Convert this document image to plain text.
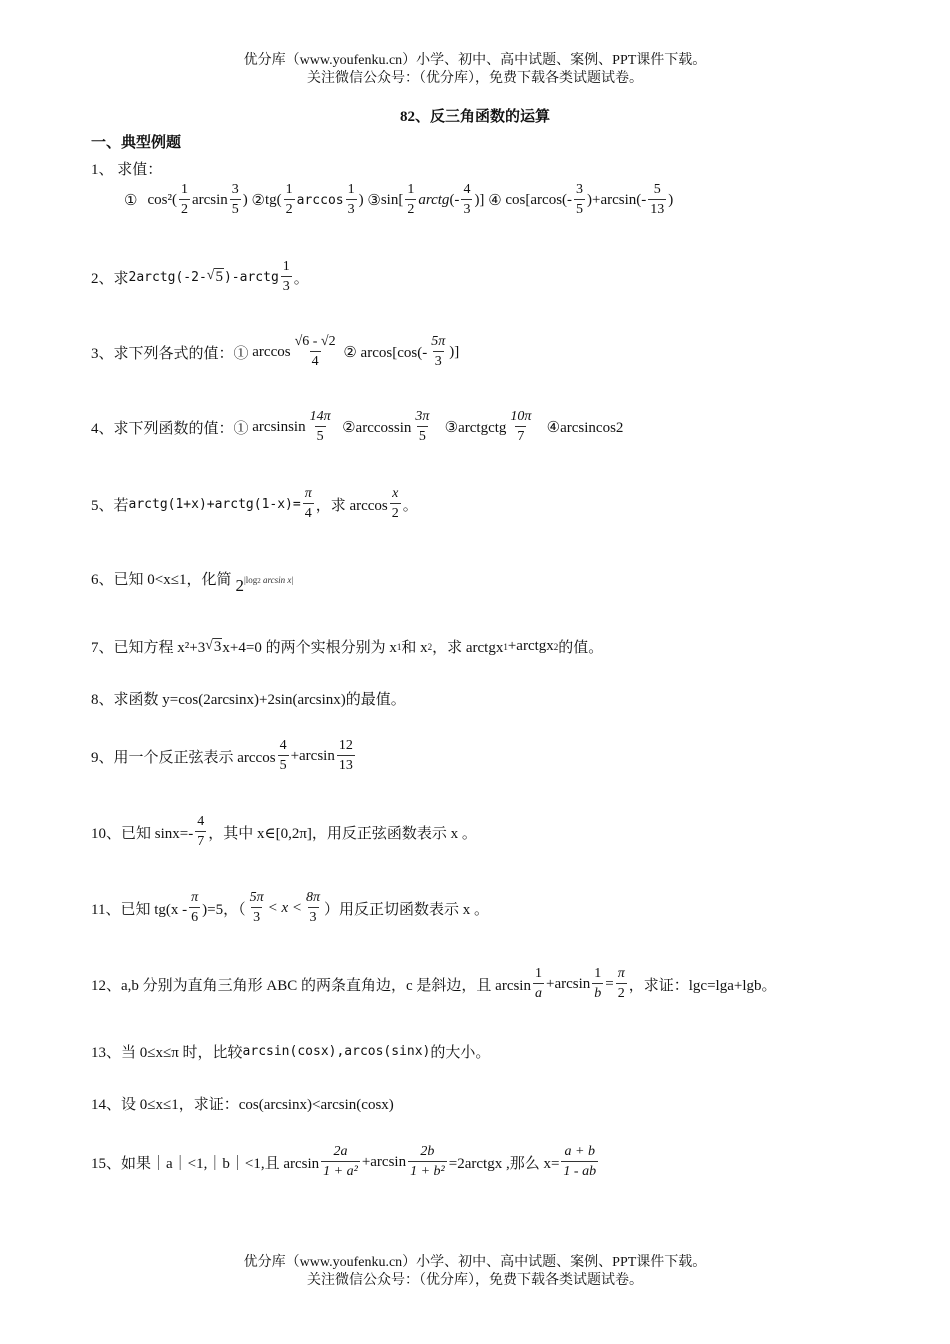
优分库（www.youfenku.cn）小学、初中、高中试题、案例、PPT课件下载。
关注微信公众号：（优分库），免费下载各类试题试卷。
82、反三角函数的运算
一、典型例题
1、 求值：
① $\cos^2( \frac{1}{2}$ $\arcsin \frac{3}{5}$ )
② $tg( \frac{1}{2}$ $\arccos \frac{1}{3}$ )
③ $\sin[ \frac{1}{2}$ arctg (- $\frac{4}{3}$ )]
④
$\cos[arcos(- \frac{3}{5} )+\arcsin(- \frac{5}{13}$ )
2、求 2arctg(-2- √ 5 )-arctg $\frac{1}{3}$ 。
3、求下列各式的值：①
$\arccos \frac{√6 - √2}{4}$
② $arcos[\cos(- \frac{5\pi}{3}$ )]
4、求下列函数的值：①
arcsinsin $\frac{14\pi}{5}$
②arccossin $\frac{3\pi}{5}$
③arctgctg $\frac{10\pi}{7}$
④arcsincos2
5、若 arctg(1+x)+arctg(1-x)= $\frac{\pi}{4}$ ，求 $\arccos \frac{x}{2}$ 。
6、已知 0<x≤1，化简 2 |log2 arcsin x|
7、已知方程 x²+3 √ 3 x+4=0 的两个实根分别为 x 1 和 x 2 ，求 arctgx 1 +arctgx 2 的值。
8、求函数 y=cos(2arcsinx)+2sin(arcsinx)的最值。
9、用一个反正弦表示 $\arccos \frac{4}{5} +\arcsin \frac{12}{13}$
10、已知 $\sin x=- \frac{4}{7}$ ，其中 x∈[0,2π]，用反正弦函数表示 x 。
11、已知 $tg(x - \frac{\pi}{6} )=5$，（ $\frac{5\pi}{3} < x < \frac{8\pi}{3}$ ）用反正切函数表示 x 。
12、a,b 分别为直角三角形 ABC 的两条直角边，c 是斜边，且 $\arcsin \frac{1}{a} +\arcsin \frac{1}{b} = \frac{\pi}{2}$ ，求证：lgc=lga+lgb。
13、当 0≤x≤π 时，比较 arcsin(cosx),arcos(sinx) 的大小。
14、设 0≤x≤1，求证：cos(arcsinx)<arcsin(cosx)
15、如果｜a｜<1,｜b｜<1,且 $\arcsin \frac{2a}{\text{1 + a²}} +\arcsin \frac{2b}{\text{1 + b²}}$ =2arctgx ,那么 $x= \frac{a + b}{1 - ab}$
优分库（www.youfenku.cn）小学、初中、高中试题、案例、PPT课件下载。
关注微信公众号：（优分库），免费下载各类试题试卷。
